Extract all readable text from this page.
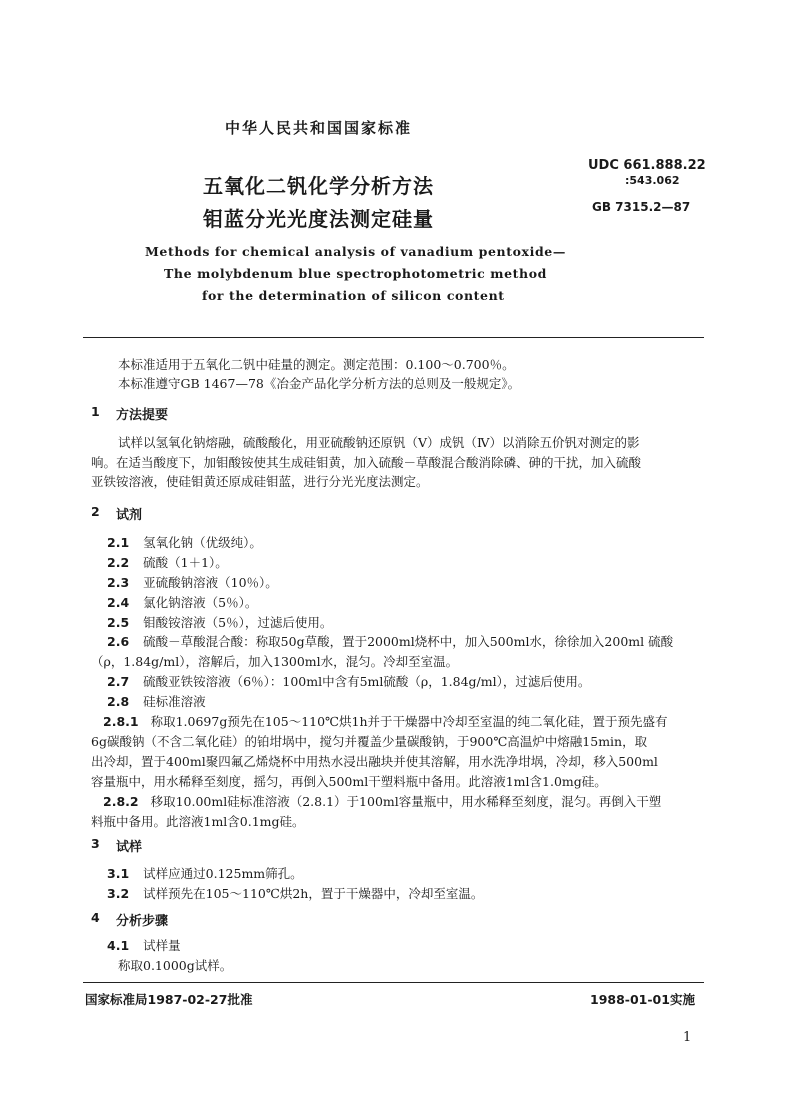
中华人民共和国国家标准
五氧化二钒化学分析方法
钼蓝分光光度法测定硅量
UDC 661.888.22
:543.062
GB 7315.2—87
Methods for chemical analysis of vanadium pentoxide—
The molybdenum blue spectrophotometric method
for the determination of silicon content
本标准适用于五氧化二钒中硅量的测定。测定范围：0.100～0.700％。
本标准遵守GB 1467—78《冶金产品化学分析方法的总则及一般规定》。
1 方法提要
试样以氢氧化钠熔融，硫酸酸化，用亚硫酸钠还原钒（Ⅴ）成钒（Ⅳ）以消除五价钒对测定的影
响。在适当酸度下，加钼酸铵使其生成硅钼黄，加入硫酸－草酸混合酸消除磷、砷的干扰，加入硫酸
亚铁铵溶液，使硅钼黄还原成硅钼蓝，进行分光光度法测定。
2 试剂
2.1 氢氧化钠（优级纯）。
2.2 硫酸（1＋1）。
2.3 亚硫酸钠溶液（10％）。
2.4 氯化钠溶液（5％）。
2.5 钼酸铵溶液（5％），过滤后使用。
2.6 硫酸－草酸混合酸：称取50g草酸，置于2000ml烧杯中，加入500ml水，徐徐加入200ml 硫酸
（ρ，1.84g/ml），溶解后，加入1300ml水，混匀。冷却至室温。
2.7 硫酸亚铁铵溶液（6％）：100ml中含有5ml硫酸（ρ，1.84g/ml），过滤后使用。
2.8 硅标准溶液
2.8.1 称取1.0697g预先在105～110℃烘1h并于干燥器中冷却至室温的纯二氧化硅，置于预先盛有
6g碳酸钠（不含二氧化硅）的铂坩埚中，搅匀并覆盖少量碳酸钠，于900℃高温炉中熔融15min，取
出冷却，置于400ml聚四氟乙烯烧杯中用热水浸出融块并使其溶解，用水洗净坩埚，冷却，移入500ml
容量瓶中，用水稀释至刻度，摇匀，再倒入500ml干塑料瓶中备用。此溶液1ml含1.0mg硅。
2.8.2 移取10.00ml硅标准溶液（2.8.1）于100ml容量瓶中，用水稀释至刻度，混匀。再倒入干塑
料瓶中备用。此溶液1ml含0.1mg硅。
3 试样
3.1 试样应通过0.125mm筛孔。
3.2 试样预先在105～110℃烘2h，置于干燥器中，冷却至室温。
4 分析步骤
4.1 试样量
称取0.1000g试样。
国家标准局1987-02-27批准	1988-01-01实施
1
